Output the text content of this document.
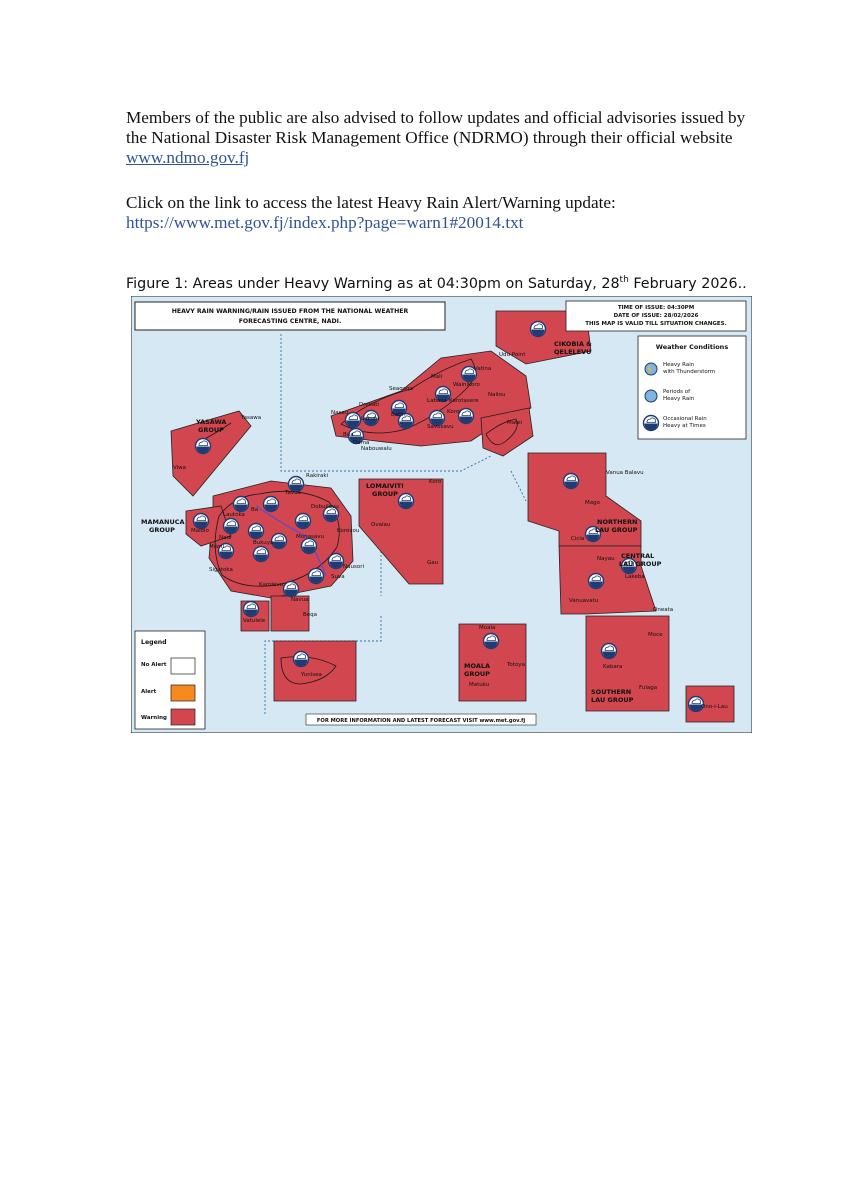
Members of the public are also advised to follow updates and official advisories issued by
the National Disaster Risk Management Office (NDRMO) through their official website
www.ndmo.gov.fj
Click on the link to access the latest Heavy Rain Alert/Warning update:
https://www.met.gov.fj/index.php?page=warn1#20014.txt
Figure 1: Areas under Heavy Warning as at 04:30pm on Saturday, 28th February 2026..
HEAVY RAIN WARNING/RAIN ISSUED FROM THE NATIONAL WEATHER
FORECASTING CENTRE, NADI.
TIME OF ISSUE: 04:30PM
DATE OF ISSUE: 28/02/2026
THIS MAP IS VALID TILL SITUATION CHANGES.
Weather Conditions
Heavy Rain
with Thunderstorm
Periods of
Heavy Rain
Occasional Rain
Heavy at Times
Legend
No Alert
Alert
Warning	FOR MORE INFORMATION AND LATEST FORECAST VISIT www.met.gov.fj
YASAWA
GROUP
MAMANUCA
GROUP
LOMAIVITI
GROUP
CIKOBIA &
QELELEVU
NORTHERN
LAU GROUP
CENTRAL
LAU GROUP
MOALA
GROUP
SOUTHERN
LAU GROUP
Udu Point
Vatina
Wainikoro
Mali
Seaqaqa
Drekati
Labasa Karotasere
Nailou
Nasau
Lekutu
Batiri	Koroi
Savusavu
Matei
Bua
Dama
Nabouwalu
Yasawa
Viwa
Rakiraki
Tavua
Ba
Lautoka
Dobuilevu
Malolo
Nadi	Monasavu
Momi
Bukuya
Korovou
Sigatoka	Nausori
Karolevu
Suva
Navua
Beqa
Vatulele
Koro
Ovalau
Gau
Vanua Balavu
Mago
Cicia
Nayau
Lakeba
Vanuavatu
Oneata
Moce
Kabara
Fulaga
Moala
Totoya
Matuku
Yunisea
Ono-i-Lau
